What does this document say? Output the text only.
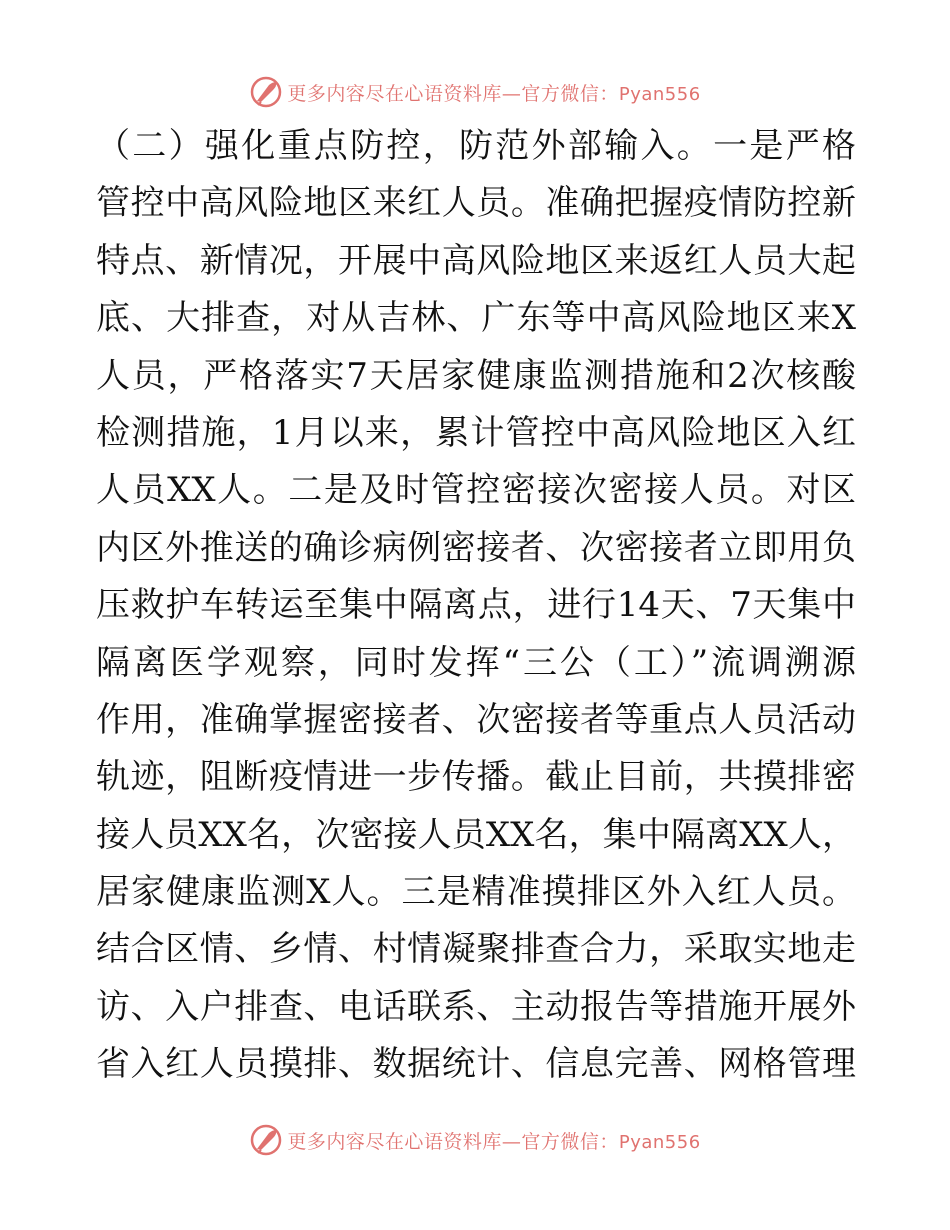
更多内容尽在心语资料库—官方微信：Pyan556
（二）强化重点防控，防范外部输入。一是严格
管控中高风险地区来红人员。准确把握疫情防控新
特点、新情况，开展中高风险地区来返红人员大起
底、大排查，对从吉林、广东等中高风险地区来X
人员，严格落实7天居家健康监测措施和2次核酸
检测措施，1月以来，累计管控中高风险地区入红
人员XX人。二是及时管控密接次密接人员。对区
内区外推送的确诊病例密接者、次密接者立即用负
压救护车转运至集中隔离点，进行14天、7天集中
隔离医学观察，同时发挥“三公（工）”流调溯源
作用，准确掌握密接者、次密接者等重点人员活动
轨迹，阻断疫情进一步传播。截止目前，共摸排密
接人员XX名，次密接人员XX名，集中隔离XX人，
居家健康监测X人。三是精准摸排区外入红人员。
结合区情、乡情、村情凝聚排查合力，采取实地走
访、入户排查、电话联系、主动报告等措施开展外
省入红人员摸排、数据统计、信息完善、网格管理
更多内容尽在心语资料库—官方微信：Pyan556
